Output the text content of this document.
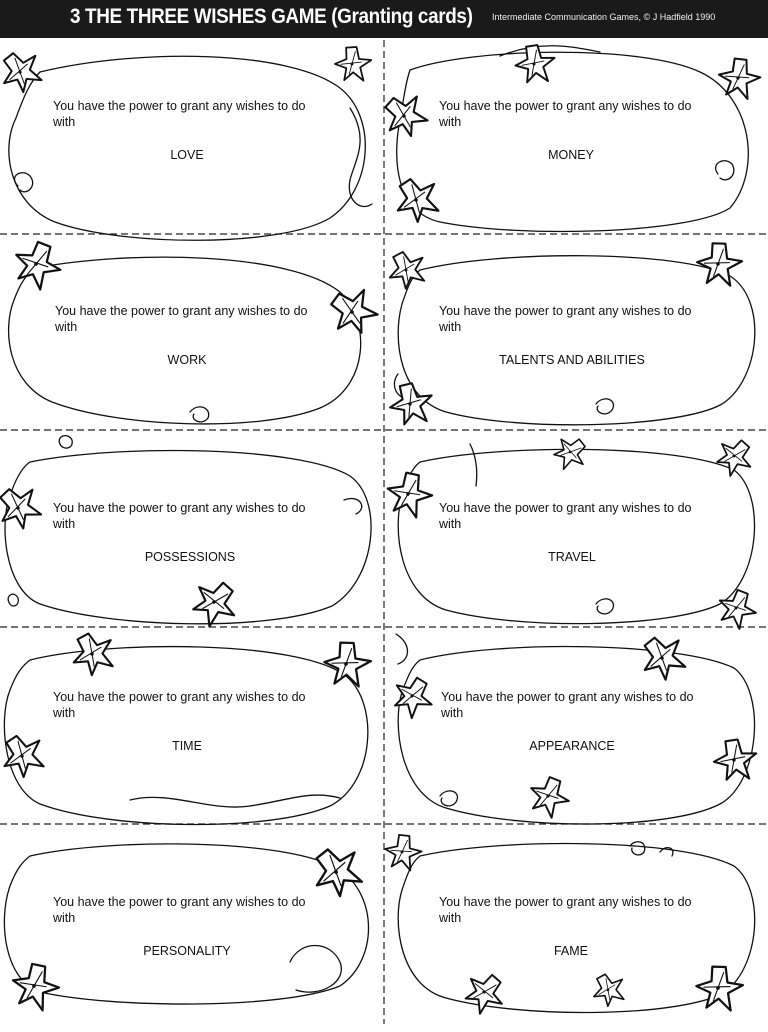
3 THE THREE WISHES GAME (Granting cards) Intermediate Communication Games, © J Hadfield 1990
You have the power to grant any wishes to do with
LOVE
You have the power to grant any wishes to do with
MONEY
You have the power to grant any wishes to do with
WORK
You have the power to grant any wishes to do with
TALENTS AND ABILITIES
You have the power to grant any wishes to do with
POSSESSIONS
You have the power to grant any wishes to do with
TRAVEL
You have the power to grant any wishes to do with
TIME
You have the power to grant any wishes to do with
APPEARANCE
You have the power to grant any wishes to do with
PERSONALITY
You have the power to grant any wishes to do with
FAME
